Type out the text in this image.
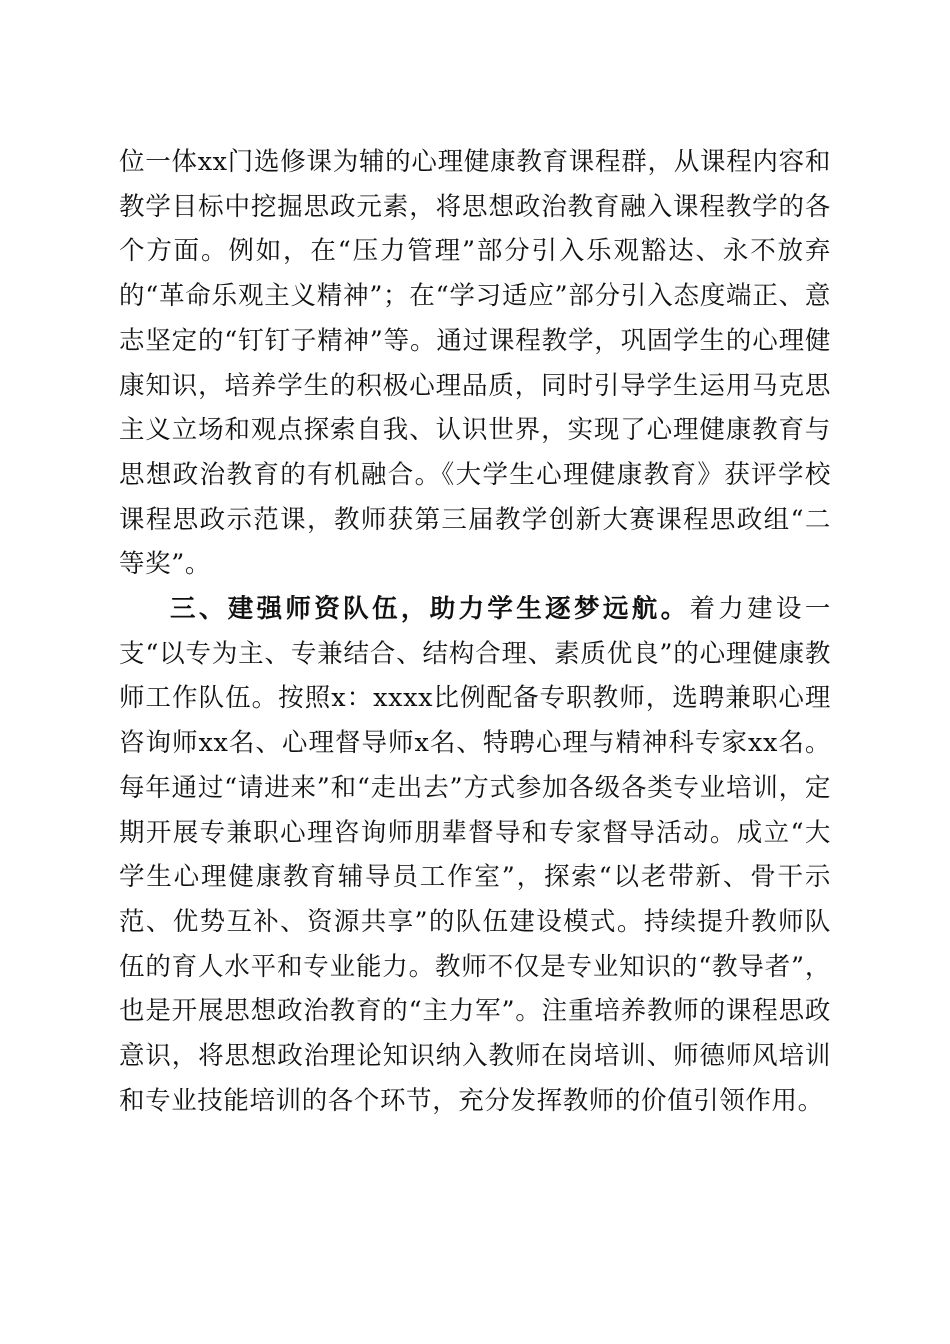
位一体xx门选修课为辅的心理健康教育课程群，从课程内容和教学目标中挖掘思政元素，将思想政治教育融入课程教学的各个方面。例如，在“压力管理”部分引入乐观豁达、永不放弃的“革命乐观主义精神”；在“学习适应”部分引入态度端正、意志坚定的“钉钉子精神”等。通过课程教学，巩固学生的心理健康知识，培养学生的积极心理品质，同时引导学生运用马克思主义立场和观点探索自我、认识世界，实现了心理健康教育与思想政治教育的有机融合。《大学生心理健康教育》获评学校课程思政示范课，教师获第三届教学创新大赛课程思政组“二等奖”。

三、建强师资队伍，助力学生逐梦远航。着力建设一支“以专为主、专兼结合、结构合理、素质优良”的心理健康教师工作队伍。按照x：xxxx比例配备专职教师，选聘兼职心理咨询师xx名、心理督导师x名、特聘心理与精神科专家xx名。每年通过“请进来”和“走出去”方式参加各级各类专业培训，定期开展专兼职心理咨询师朋辈督导和专家督导活动。成立“大学生心理健康教育辅导员工作室”，探索“以老带新、骨干示范、优势互补、资源共享”的队伍建设模式。持续提升教师队伍的育人水平和专业能力。教师不仅是专业知识的“教导者”，也是开展思想政治教育的“主力军”。注重培养教师的课程思政意识，将思想政治理论知识纳入教师在岗培训、师德师风培训和专业技能培训的各个环节，充分发挥教师的价值引领作用。
